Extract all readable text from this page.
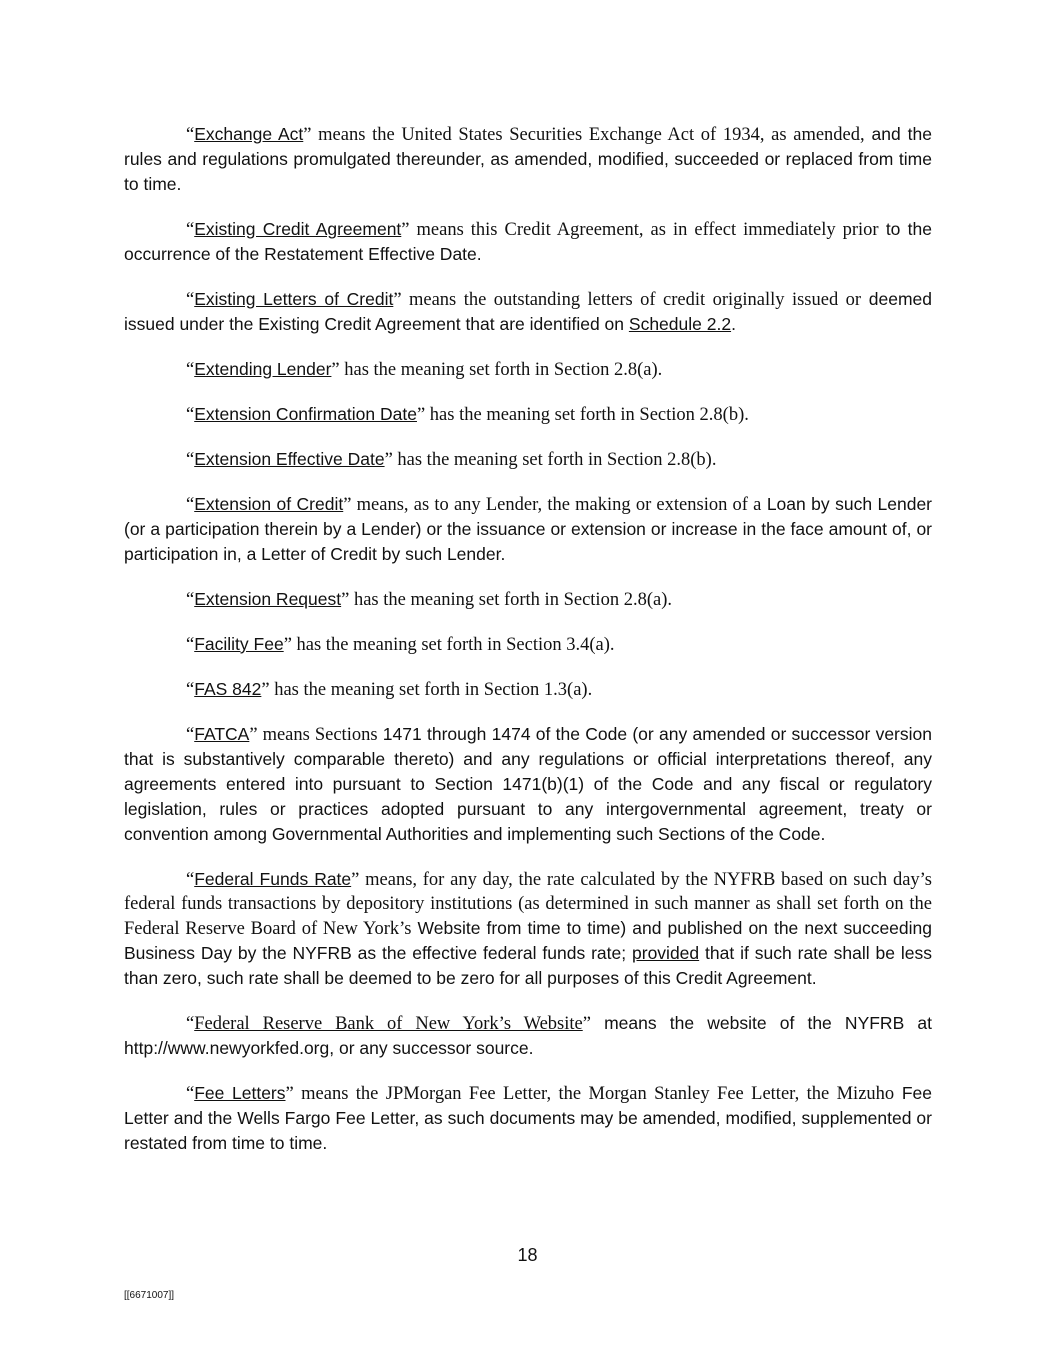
“Exchange Act” means the United States Securities Exchange Act of 1934, as amended, and the rules and regulations promulgated thereunder, as amended, modified, succeeded or replaced from time to time.

“Existing Credit Agreement” means this Credit Agreement, as in effect immediately prior to the occurrence of the Restatement Effective Date.

“Existing Letters of Credit” means the outstanding letters of credit originally issued or deemed issued under the Existing Credit Agreement that are identified on Schedule 2.2.

“Extending Lender” has the meaning set forth in Section 2.8(a).

“Extension Confirmation Date” has the meaning set forth in Section 2.8(b).

“Extension Effective Date” has the meaning set forth in Section 2.8(b).

“Extension of Credit” means, as to any Lender, the making or extension of a Loan by such Lender (or a participation therein by a Lender) or the issuance or extension or increase in the face amount of, or participation in, a Letter of Credit by such Lender.

“Extension Request” has the meaning set forth in Section 2.8(a).

“Facility Fee” has the meaning set forth in Section 3.4(a).

“FAS 842” has the meaning set forth in Section 1.3(a).

“FATCA” means Sections 1471 through 1474 of the Code (or any amended or successor version that is substantively comparable thereto) and any regulations or official interpretations thereof, any agreements entered into pursuant to Section 1471(b)(1) of the Code and any fiscal or regulatory legislation, rules or practices adopted pursuant to any intergovernmental agreement, treaty or convention among Governmental Authorities and implementing such Sections of the Code.

“Federal Funds Rate” means, for any day, the rate calculated by the NYFRB based on such day’s federal funds transactions by depository institutions (as determined in such manner as shall set forth on the Federal Reserve Board of New York’s Website from time to time) and published on the next succeeding Business Day by the NYFRB as the effective federal funds rate; provided that if such rate shall be less than zero, such rate shall be deemed to be zero for all purposes of this Credit Agreement.

“Federal Reserve Bank of New York’s Website” means the website of the NYFRB at http://www.newyorkfed.org, or any successor source.

“Fee Letters” means the JPMorgan Fee Letter, the Morgan Stanley Fee Letter, the Mizuho Fee Letter and the Wells Fargo Fee Letter, as such documents may be amended, modified, supplemented or restated from time to time.

18
[[6671007]]
